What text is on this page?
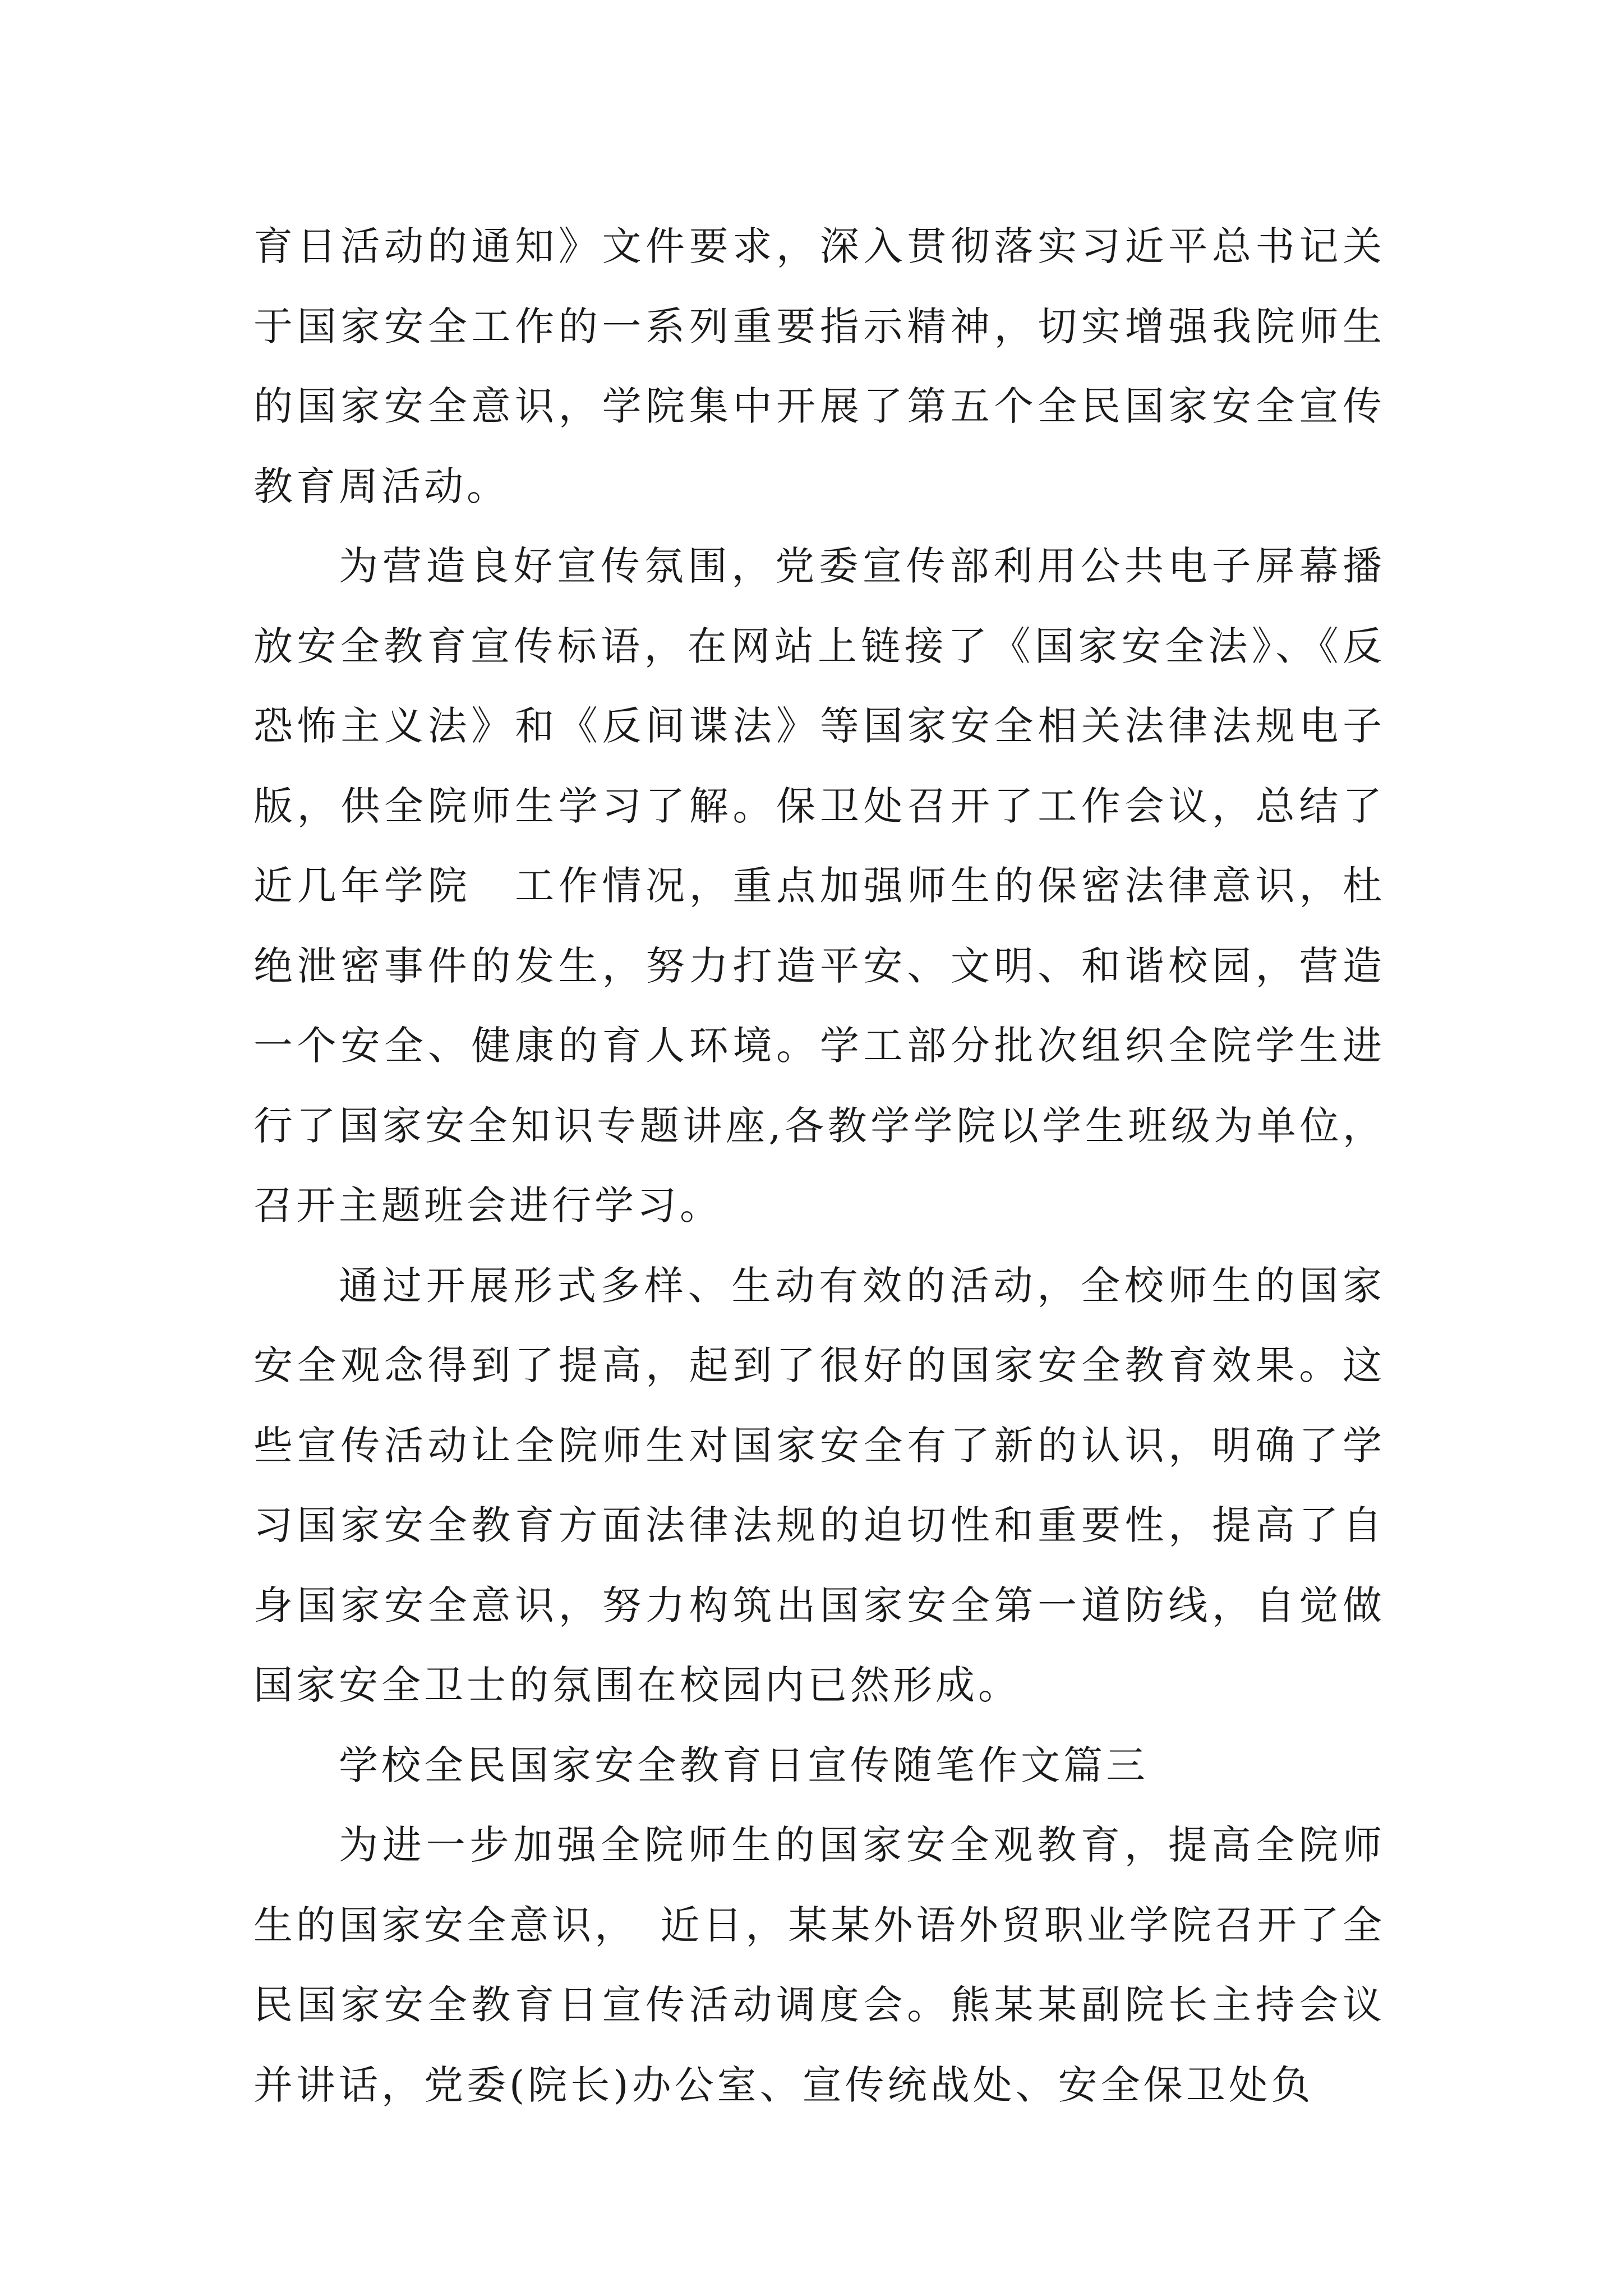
育日活动的通知》文件要求，深入贯彻落实习近平总书记关于国家安全工作的一系列重要指示精神，切实增强我院师生的国家安全意识，学院集中开展了第五个全民国家安全宣传教育周活动。

为营造良好宣传氛围，党委宣传部利用公共电子屏幕播放安全教育宣传标语，在网站上链接了《国家安全法》、《反恐怖主义法》和《反间谍法》等国家安全相关法律法规电子版，供全院师生学习了解。保卫处召开了工作会议，总结了近几年学院　工作情况，重点加强师生的保密法律意识，杜绝泄密事件的发生，努力打造平安、文明、和谐校园，营造一个安全、健康的育人环境。学工部分批次组织全院学生进行了国家安全知识专题讲座,各教学学院以学生班级为单位，召开主题班会进行学习。

通过开展形式多样、生动有效的活动，全校师生的国家安全观念得到了提高，起到了很好的国家安全教育效果。这些宣传活动让全院师生对国家安全有了新的认识，明确了学习国家安全教育方面法律法规的迫切性和重要性，提高了自身国家安全意识，努力构筑出国家安全第一道防线，自觉做国家安全卫士的氛围在校园内已然形成。

学校全民国家安全教育日宣传随笔作文篇三

为进一步加强全院师生的国家安全观教育，提高全院师生的国家安全意识，　近日，某某外语外贸职业学院召开了全民国家安全教育日宣传活动调度会。熊某某副院长主持会议并讲话，党委(院长)办公室、宣传统战处、安全保卫处负
